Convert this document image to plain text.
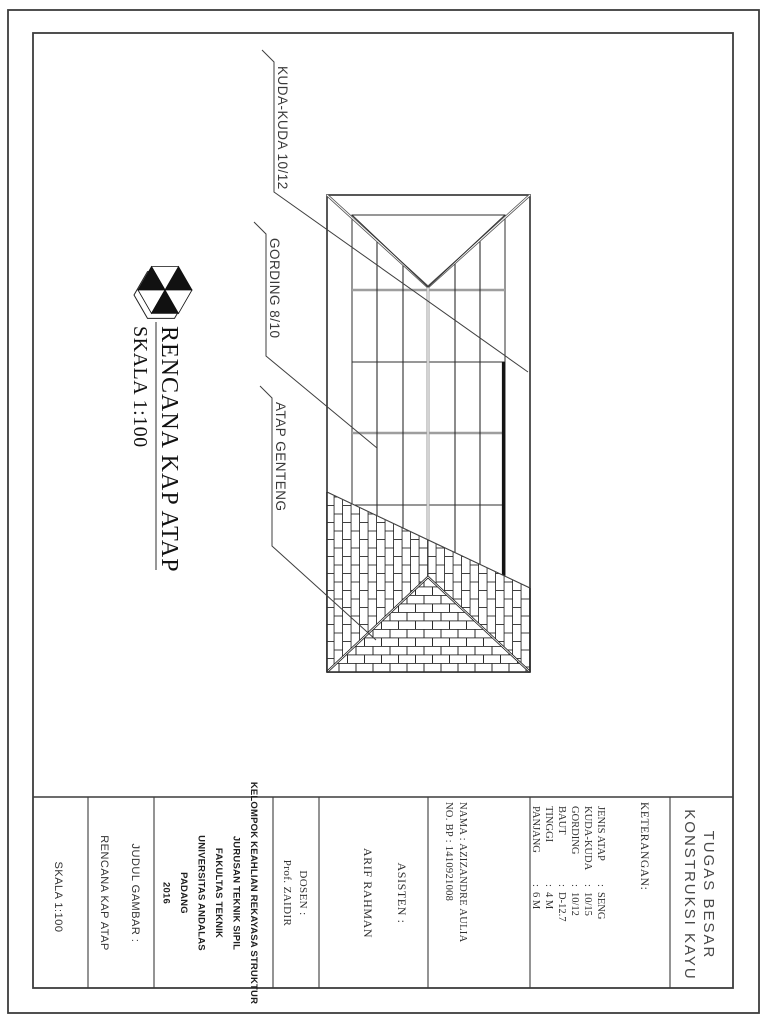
KUDA-KUDA 10/12
GORDING 8/10
ATAP GENTENG
RENCANA KAP ATAP
SKALA 1:100
TUGAS BESAR
KONSTRUKSI KAYU
KETERANGAN:
JENIS ATAP
:
SENG
KUDA-KUDA
:
10/15
GORDING
:
10/12
BAUT
:
D-12.7
TINGGI
:
4 M
PANJANG
:
6 M
NAMA : AZIZANDRE AULIA
NO. BP : 1410921008
ASISTEN :
ARIF RAHMAN
DOSEN :
Prof. ZAIDIR
KELOMPOK KEAHLIAN REKAYASA STRUKTUR
JURUSAN TEKNIK SIPIL
FAKULTAS TEKNIK
UNIVERSITAS ANDALAS
PADANG
2016
JUDUL GAMBAR :
RENCANA KAP ATAP
SKALA 1:100
